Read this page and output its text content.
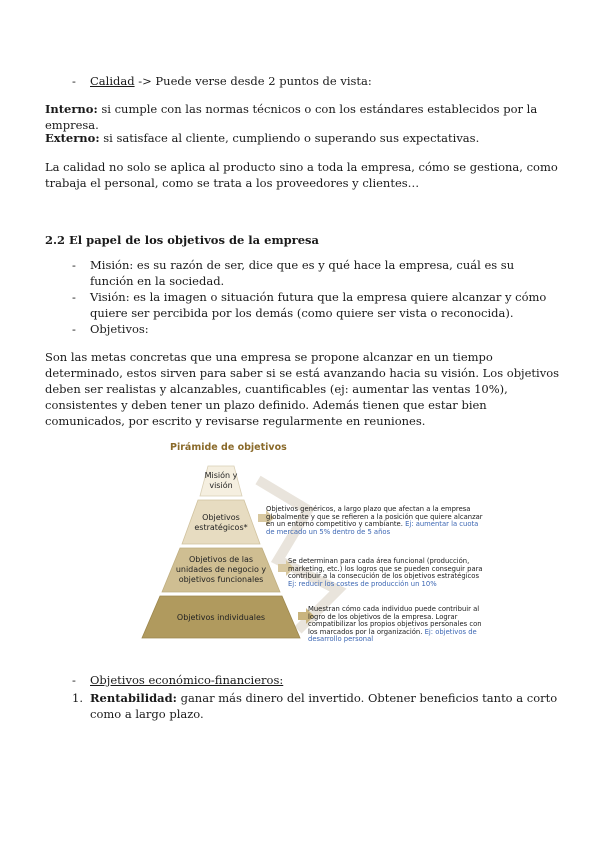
- Calidad -> Puede verse desde 2 puntos de vista:

Interno: si cumple con las normas técnicos o con los estándares establecidos por la empresa.

Externo: si satisface al cliente, cumpliendo o superando sus expectativas.

La calidad no solo se aplica al producto sino a toda la empresa, cómo se gestiona, como trabaja el personal, como se trata a los proveedores y clientes…

2.2 El papel de los objetivos de la empresa

- Misión: es su razón de ser, dice que es y qué hace la empresa, cuál es su función en la sociedad.

- Visión: es la imagen o situación futura que la empresa quiere alcanzar y cómo quiere ser percibida por los demás (como quiere ser vista o reconocida).

- Objetivos:

Son las metas concretas que una empresa se propone alcanzar en un tiempo determinado, estos sirven para saber si se está avanzando hacia su visión. Los objetivos deben ser realistas y alcanzables, cuantificables (ej: aumentar las ventas 10%), consistentes y deben tener un plazo definido. Además tienen que estar bien comunicados, por escrito y revisarse regularmente en reuniones.

Pirámide de objetivos
Misión y
visión
Objetivos
estratégicos*
Objetivos de las
unidades de negocio y
objetivos funcionales
Objetivos individuales
Objetivos genéricos, a largo plazo que afectan a la empresa globalmente y que se refieren a la posición que quiere alcanzar en un entorno competitivo y cambiante. Ej: aumentar la cuota de mercado un 5% dentro de 5 años
Se determinan para cada área funcional (producción, marketing, etc.) los logros que se pueden conseguir para contribuir a la consecución de los objetivos estratégicos Ej: reducir los costes de producción un 10%
Muestran cómo cada individuo puede contribuir al logro de los objetivos de la empresa. Lograr compatibilizar los propios objetivos personales con los marcados por la organización. Ej: objetivos de desarrollo personal

- Objetivos económico-financieros:

1. Rentabilidad: ganar más dinero del invertido. Obtener beneficios tanto a corto como a largo plazo.
